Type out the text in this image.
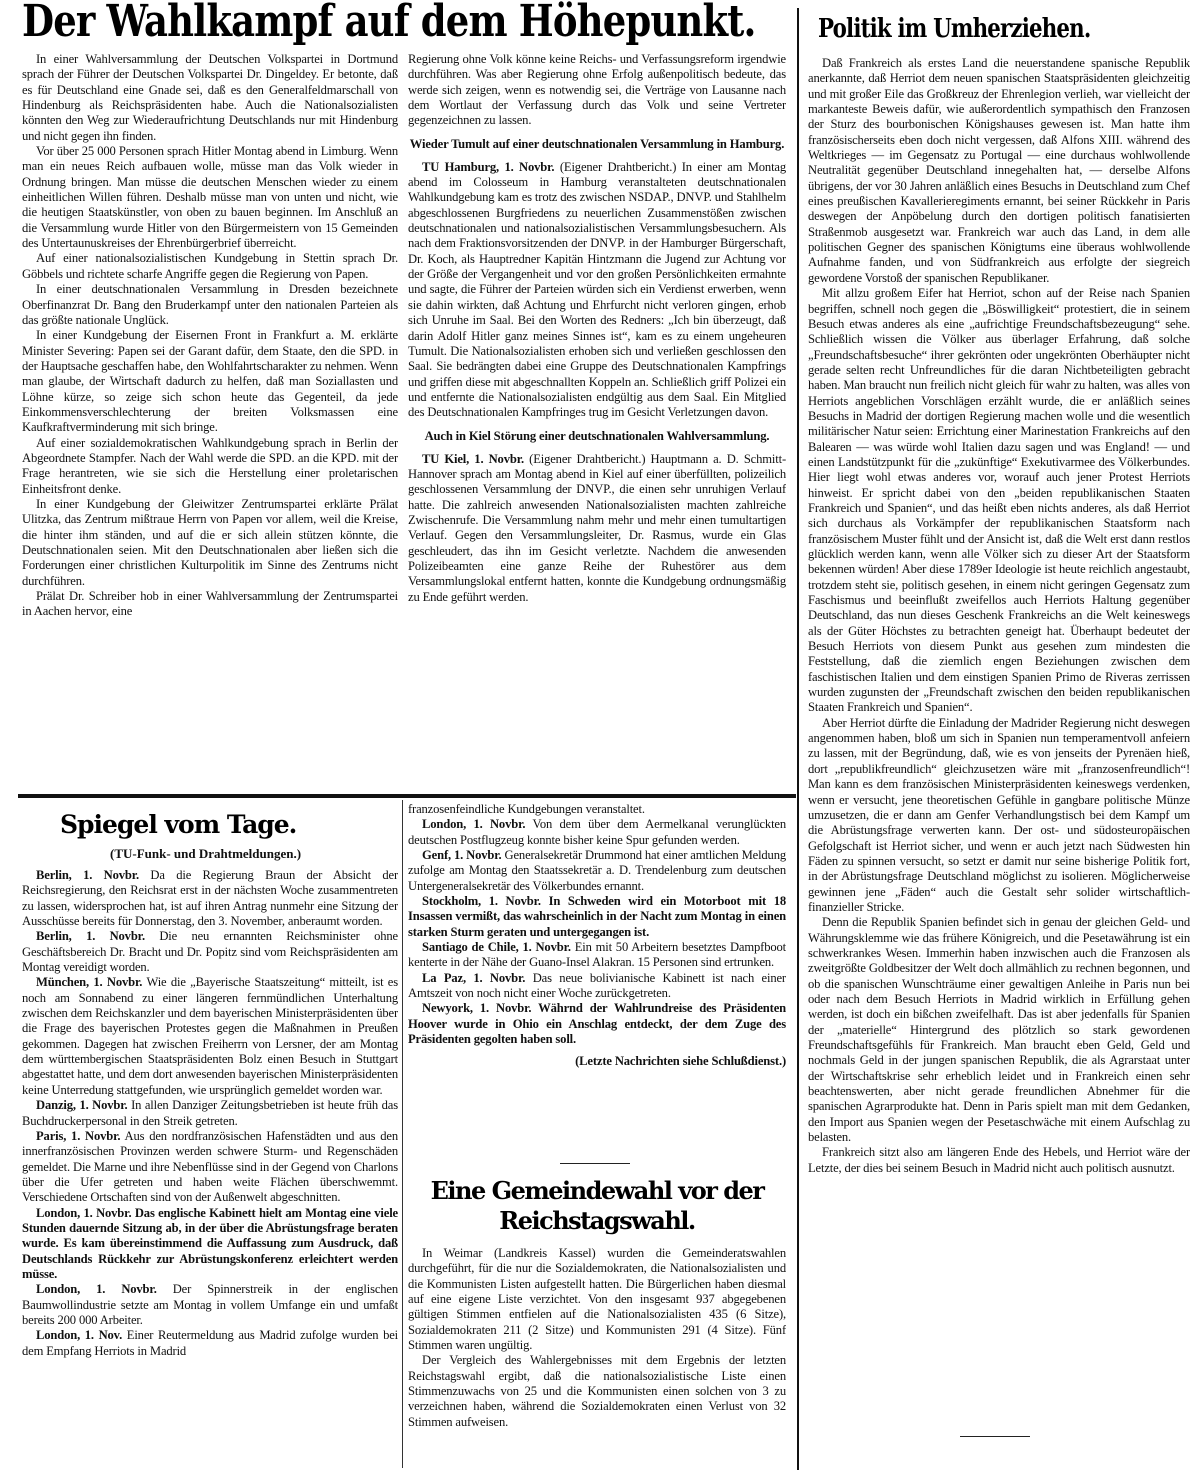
Der Wahlkampf auf dem Höhepunkt. Politik im Umherziehen.
Spiegel vom Tage.
(TU-Funk- und Drahtmeldungen.)
Eine Gemeindewahl vor der Reichstagswahl.

In einer Wahlversammlung der Deutschen Volkspartei in Dortmund sprach der Führer der Deutschen Volkspartei Dr. Dingeldey. Er betonte, daß es für Deutschland eine Gnade sei, daß es den Generalfeldmarschall von Hindenburg als Reichspräsidenten habe. Auch die Nationalsozialisten könnten den Weg zur Wiederaufrichtung Deutschlands nur mit Hindenburg und nicht gegen ihn finden.

Vor über 25 000 Personen sprach Hitler Montag abend in Limburg. Wenn man ein neues Reich aufbauen wolle, müsse man das Volk wieder in Ordnung bringen. Man müsse die deutschen Menschen wieder zu einem einheitlichen Willen führen. Deshalb müsse man von unten und nicht, wie die heutigen Staatskünstler, von oben zu bauen beginnen. Im Anschluß an die Versammlung wurde Hitler von den Bürgermeistern von 15 Gemeinden des Untertaunuskreises der Ehrenbürgerbrief überreicht.

Auf einer nationalsozialistischen Kundgebung in Stettin sprach Dr. Göbbels und richtete scharfe Angriffe gegen die Regierung von Papen.

In einer deutschnationalen Versammlung in Dresden bezeichnete Oberfinanzrat Dr. Bang den Bruderkampf unter den nationalen Parteien als das größte nationale Unglück.

In einer Kundgebung der Eisernen Front in Frankfurt a. M. erklärte Minister Severing: Papen sei der Garant dafür, dem Staate, den die SPD. in der Hauptsache geschaffen habe, den Wohlfahrtscharakter zu nehmen. Wenn man glaube, der Wirtschaft dadurch zu helfen, daß man Soziallasten und Löhne kürze, so zeige sich schon heute das Gegenteil, da jede Einkommensverschlechterung der breiten Volksmassen eine Kaufkraftverminderung mit sich bringe.

Auf einer sozialdemokratischen Wahlkundgebung sprach in Berlin der Abgeordnete Stampfer. Nach der Wahl werde die SPD. an die KPD. mit der Frage herantreten, wie sie sich die Herstellung einer proletarischen Einheitsfront denke.

In einer Kundgebung der Gleiwitzer Zentrumspartei erklärte Prälat Ulitzka, das Zentrum mißtraue Herrn von Papen vor allem, weil die Kreise, die hinter ihm ständen, und auf die er sich allein stützen könnte, die Deutschnationalen seien. Mit den Deutschnationalen aber ließen sich die Forderungen einer christlichen Kulturpolitik im Sinne des Zentrums nicht durchführen.

Prälat Dr. Schreiber hob in einer Wahlversammlung der Zentrumspartei in Aachen hervor, eine

Regierung ohne Volk könne keine Reichs- und Verfassungsreform irgendwie durchführen. Was aber Regierung ohne Erfolg außenpolitisch bedeute, das werde sich zeigen, wenn es notwendig sei, die Verträge von Lausanne nach dem Wortlaut der Verfassung durch das Volk und seine Vertreter gegenzeichnen zu lassen.

Wieder Tumult auf einer deutschnationalen Versammlung in Hamburg.

TU Hamburg, 1. Novbr. (Eigener Drahtbericht.) In einer am Montag abend im Colosseum in Hamburg veranstalteten deutschnationalen Wahlkundgebung kam es trotz des zwischen NSDAP., DNVP. und Stahlhelm abgeschlossenen Burgfriedens zu neuerlichen Zusammenstößen zwischen deutschnationalen und nationalsozialistischen Versammlungsbesuchern. Als nach dem Fraktionsvorsitzenden der DNVP. in der Hamburger Bürgerschaft, Dr. Koch, als Hauptredner Kapitän Hintzmann die Jugend zur Achtung vor der Größe der Vergangenheit und vor den großen Persönlichkeiten ermahnte und sagte, die Führer der Parteien würden sich ein Verdienst erwerben, wenn sie dahin wirkten, daß Achtung und Ehrfurcht nicht verloren gingen, erhob sich Unruhe im Saal. Bei den Worten des Redners: „Ich bin überzeugt, daß darin Adolf Hitler ganz meines Sinnes ist“, kam es zu einem ungeheuren Tumult. Die Nationalsozialisten erhoben sich und verließen geschlossen den Saal. Sie bedrängten dabei eine Gruppe des Deutschnationalen Kampfrings und griffen diese mit abgeschnallten Koppeln an. Schließlich griff Polizei ein und entfernte die Nationalsozialisten endgültig aus dem Saal. Ein Mitglied des Deutschnationalen Kampfringes trug im Gesicht Verletzungen davon.

Auch in Kiel Störung einer deutschnationalen Wahlversammlung.

TU Kiel, 1. Novbr. (Eigener Drahtbericht.) Hauptmann a. D. Schmitt-Hannover sprach am Montag abend in Kiel auf einer überfüllten, polizeilich geschlossenen Versammlung der DNVP., die einen sehr unruhigen Verlauf hatte. Die zahlreich anwesenden Nationalsozialisten machten zahlreiche Zwischenrufe. Die Versammlung nahm mehr und mehr einen tumultartigen Verlauf. Gegen den Versammlungsleiter, Dr. Rasmus, wurde ein Glas geschleudert, das ihn im Gesicht verletzte. Nachdem die anwesenden Polizeibeamten eine ganze Reihe der Ruhestörer aus dem Versammlungslokal entfernt hatten, konnte die Kundgebung ordnungsmäßig zu Ende geführt werden.

Daß Frankreich als erstes Land die neuerstandene spanische Republik anerkannte, daß Herriot dem neuen spanischen Staatspräsidenten gleichzeitig und mit großer Eile das Großkreuz der Ehrenlegion verlieh, war vielleicht der markanteste Beweis dafür, wie außerordentlich sympathisch den Franzosen der Sturz des bourbonischen Königshauses gewesen ist. Man hatte ihm französischerseits eben doch nicht vergessen, daß Alfons XIII. während des Weltkrieges — im Gegensatz zu Portugal — eine durchaus wohlwollende Neutralität gegenüber Deutschland innegehalten hat, — derselbe Alfons übrigens, der vor 30 Jahren anläßlich eines Besuchs in Deutschland zum Chef eines preußischen Kavallerieregiments ernannt, bei seiner Rückkehr in Paris deswegen der Anpöbelung durch den dortigen politisch fanatisierten Straßenmob ausgesetzt war. Frankreich war auch das Land, in dem alle politischen Gegner des spanischen Königtums eine überaus wohlwollende Aufnahme fanden, und von Südfrankreich aus erfolgte der siegreich gewordene Vorstoß der spanischen Republikaner.

Mit allzu großem Eifer hat Herriot, schon auf der Reise nach Spanien begriffen, schnell noch gegen die „Böswilligkeit“ protestiert, die in seinem Besuch etwas anderes als eine „aufrichtige Freundschaftsbezeugung“ sehe. Schließlich wissen die Völker aus überlager Erfahrung, daß solche „Freundschaftsbesuche“ ihrer gekrönten oder ungekrönten Oberhäupter nicht gerade selten recht Unfreundliches für die daran Nichtbeteiligten gebracht haben. Man braucht nun freilich nicht gleich für wahr zu halten, was alles von Herriots angeblichen Vorschlägen erzählt wurde, die er anläßlich seines Besuchs in Madrid der dortigen Regierung machen wolle und die wesentlich militärischer Natur seien: Errichtung einer Marinestation Frankreichs auf den Balearen — was würde wohl Italien dazu sagen und was England! — und einen Landstützpunkt für die „zukünftige“ Exekutivarmee des Völkerbundes. Hier liegt wohl etwas anderes vor, worauf auch jener Protest Herriots hinweist. Er spricht dabei von den „beiden republikanischen Staaten Frankreich und Spanien“, und das heißt eben nichts anderes, als daß Herriot sich durchaus als Vorkämpfer der republikanischen Staatsform nach französischem Muster fühlt und der Ansicht ist, daß die Welt erst dann restlos glücklich werden kann, wenn alle Völker sich zu dieser Art der Staatsform bekennen würden! Aber diese 1789er Ideologie ist heute reichlich angestaubt, trotzdem steht sie, politisch gesehen, in einem nicht geringen Gegensatz zum Faschismus und beeinflußt zweifellos auch Herriots Haltung gegenüber Deutschland, das nun dieses Geschenk Frankreichs an die Welt keineswegs als der Güter Höchstes zu betrachten geneigt hat. Überhaupt bedeutet der Besuch Herriots von diesem Punkt aus gesehen zum mindesten die Feststellung, daß die ziemlich engen Beziehungen zwischen dem faschistischen Italien und dem einstigen Spanien Primo de Riveras zerrissen wurden zugunsten der „Freundschaft zwischen den beiden republikanischen Staaten Frankreich und Spanien“.

Aber Herriot dürfte die Einladung der Madrider Regierung nicht deswegen angenommen haben, bloß um sich in Spanien nun temperamentvoll anfeiern zu lassen, mit der Begründung, daß, wie es von jenseits der Pyrenäen hieß, dort „republikfreundlich“ gleichzusetzen wäre mit „franzosenfreundlich“! Man kann es dem französischen Ministerpräsidenten keineswegs verdenken, wenn er versucht, jene theoretischen Gefühle in gangbare politische Münze umzusetzen, die er dann am Genfer Verhandlungstisch bei dem Kampf um die Abrüstungsfrage verwerten kann. Der ost- und südosteuropäischen Gefolgschaft ist Herriot sicher, und wenn er auch jetzt nach Südwesten hin Fäden zu spinnen versucht, so setzt er damit nur seine bisherige Politik fort, in der Abrüstungsfrage Deutschland möglichst zu isolieren. Möglicherweise gewinnen jene „Fäden“ auch die Gestalt sehr solider wirtschaftlich-finanzieller Stricke.

Denn die Republik Spanien befindet sich in genau der gleichen Geld- und Währungsklemme wie das frühere Königreich, und die Pesetawährung ist ein schwerkrankes Wesen. Immerhin haben inzwischen auch die Franzosen als zweitgrößte Goldbesitzer der Welt doch allmählich zu rechnen begonnen, und ob die spanischen Wunschträume einer gewaltigen Anleihe in Paris nun bei oder nach dem Besuch Herriots in Madrid wirklich in Erfüllung gehen werden, ist doch ein bißchen zweifelhaft. Das ist aber jedenfalls für Spanien der „materielle“ Hintergrund des plötzlich so stark gewordenen Freundschaftsgefühls für Frankreich. Man braucht eben Geld, Geld und nochmals Geld in der jungen spanischen Republik, die als Agrarstaat unter der Wirtschaftskrise sehr erheblich leidet und in Frankreich einen sehr beachtenswerten, aber nicht gerade freundlichen Abnehmer für die spanischen Agrarprodukte hat. Denn in Paris spielt man mit dem Gedanken, den Import aus Spanien wegen der Pesetaschwäche mit einem Aufschlag zu belasten.

Frankreich sitzt also am längeren Ende des Hebels, und Herriot wäre der Letzte, der dies bei seinem Besuch in Madrid nicht auch politisch ausnutzt.

Berlin, 1. Novbr. Da die Regierung Braun der Absicht der Reichsregierung, den Reichsrat erst in der nächsten Woche zusammentreten zu lassen, widersprochen hat, ist auf ihren Antrag nunmehr eine Sitzung der Ausschüsse bereits für Donnerstag, den 3. November, anberaumt worden.

Berlin, 1. Novbr. Die neu ernannten Reichsminister ohne Geschäftsbereich Dr. Bracht und Dr. Popitz sind vom Reichspräsidenten am Montag vereidigt worden.

München, 1. Novbr. Wie die „Bayerische Staatszeitung“ mitteilt, ist es noch am Sonnabend zu einer längeren fernmündlichen Unterhaltung zwischen dem Reichskanzler und dem bayerischen Ministerpräsidenten über die Frage des bayerischen Protestes gegen die Maßnahmen in Preußen gekommen. Dagegen hat zwischen Freiherrn von Lersner, der am Montag dem württembergischen Staatspräsidenten Bolz einen Besuch in Stuttgart abgestattet hatte, und dem dort anwesenden bayerischen Ministerpräsidenten keine Unterredung stattgefunden, wie ursprünglich gemeldet worden war.

Danzig, 1. Novbr. In allen Danziger Zeitungsbetrieben ist heute früh das Buchdruckerpersonal in den Streik getreten.

Paris, 1. Novbr. Aus den nordfranzösischen Hafenstädten und aus den innerfranzösischen Provinzen werden schwere Sturm- und Regenschäden gemeldet. Die Marne und ihre Nebenflüsse sind in der Gegend von Charlons über die Ufer getreten und haben weite Flächen überschwemmt. Verschiedene Ortschaften sind von der Außenwelt abgeschnitten.

London, 1. Novbr. Das englische Kabinett hielt am Montag eine viele Stunden dauernde Sitzung ab, in der über die Abrüstungsfrage beraten wurde. Es kam übereinstimmend die Auffassung zum Ausdruck, daß Deutschlands Rückkehr zur Abrüstungskonferenz erleichtert werden müsse.

London, 1. Novbr. Der Spinnerstreik in der englischen Baumwollindustrie setzte am Montag in vollem Umfange ein und umfaßt bereits 200 000 Arbeiter.

London, 1. Nov. Einer Reutermeldung aus Madrid zufolge wurden bei dem Empfang Herriots in Madrid

franzosenfeindliche Kundgebungen veranstaltet.

London, 1. Novbr. Von dem über dem Aermelkanal verunglückten deutschen Postflugzeug konnte bisher keine Spur gefunden werden.

Genf, 1. Novbr. Generalsekretär Drummond hat einer amtlichen Meldung zufolge am Montag den Staatssekretär a. D. Trendelenburg zum deutschen Untergeneralsekretär des Völkerbundes ernannt.

Stockholm, 1. Novbr. In Schweden wird ein Motorboot mit 18 Insassen vermißt, das wahrscheinlich in der Nacht zum Montag in einen starken Sturm geraten und untergegangen ist.

Santiago de Chile, 1. Novbr. Ein mit 50 Arbeitern besetztes Dampfboot kenterte in der Nähe der Guano-Insel Alakran. 15 Personen sind ertrunken.

La Paz, 1. Novbr. Das neue bolivianische Kabinett ist nach einer Amtszeit von noch nicht einer Woche zurückgetreten.

Newyork, 1. Novbr. Währnd der Wahlrundreise des Präsidenten Hoover wurde in Ohio ein Anschlag entdeckt, der dem Zuge des Präsidenten gegolten haben soll.

(Letzte Nachrichten siehe Schlußdienst.)

In Weimar (Landkreis Kassel) wurden die Gemeinderatswahlen durchgeführt, für die nur die Sozialdemokraten, die Nationalsozialisten und die Kommunisten Listen aufgestellt hatten. Die Bürgerlichen haben diesmal auf eine eigene Liste verzichtet. Von den insgesamt 937 abgegebenen gültigen Stimmen entfielen auf die Nationalsozialisten 435 (6 Sitze), Sozialdemokraten 211 (2 Sitze) und Kommunisten 291 (4 Sitze). Fünf Stimmen waren ungültig.

Der Vergleich des Wahlergebnisses mit dem Ergebnis der letzten Reichstagswahl ergibt, daß die nationalsozialistische Liste einen Stimmenzuwachs von 25 und die Kommunisten einen solchen von 3 zu verzeichnen haben, während die Sozialdemokraten einen Verlust von 32 Stimmen aufweisen.
